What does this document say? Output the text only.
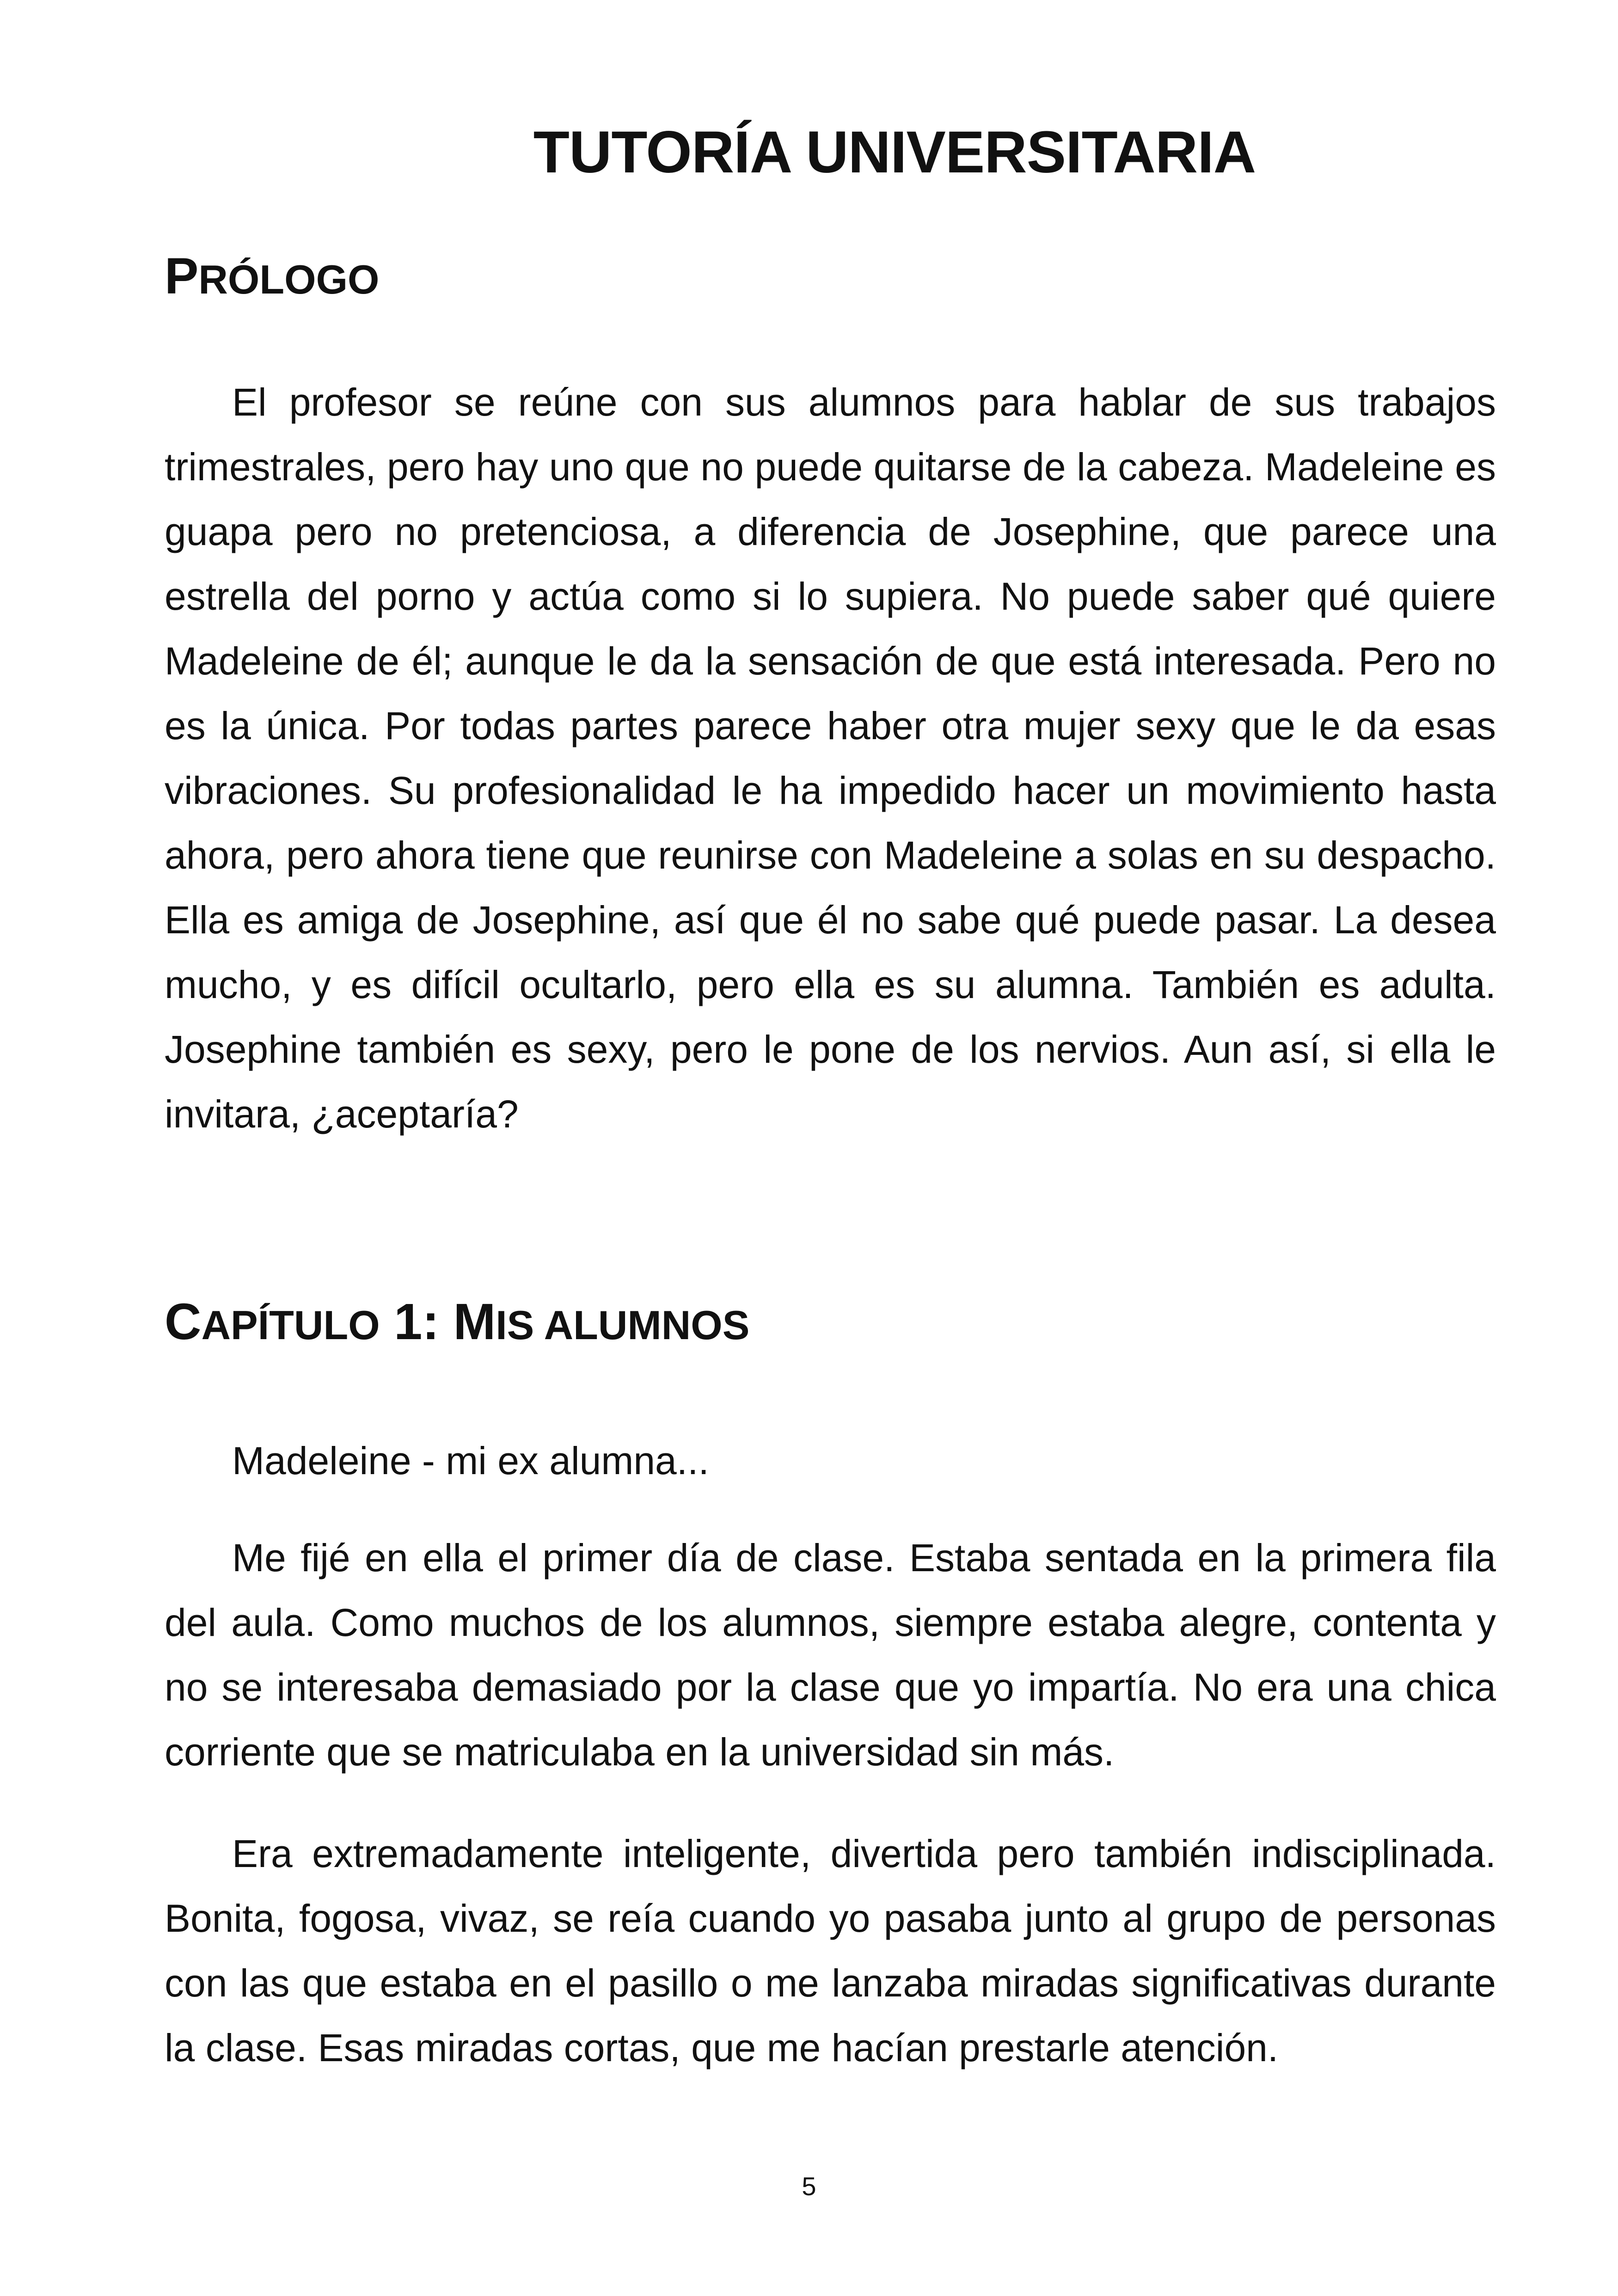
TUTORÍA UNIVERSITARIA
PRÓLOGO
El profesor se reúne con sus alumnos para hablar de sus trabajos trimestrales, pero hay uno que no puede quitarse de la cabeza. Madeleine es guapa pero no pretenciosa, a diferencia de Josephine, que parece una estrella del porno y actúa como si lo supiera. No puede saber qué quiere Madeleine de él; aunque le da la sensación de que está interesada. Pero no es la única. Por todas partes parece haber otra mujer sexy que le da esas vibraciones. Su profesionalidad le ha impedido hacer un movimiento hasta ahora, pero ahora tiene que reunirse con Madeleine a solas en su despacho. Ella es amiga de Josephine, así que él no sabe qué puede pasar. La desea mucho, y es difícil ocultarlo, pero ella es su alumna. También es adulta. Josephine también es sexy, pero le pone de los nervios. Aun así, si ella le invitara, ¿aceptaría?
CAPÍTULO 1: MIS ALUMNOS
Madeleine - mi ex alumna...
Me fijé en ella el primer día de clase. Estaba sentada en la primera fila del aula. Como muchos de los alumnos, siempre estaba alegre, contenta y no se interesaba demasiado por la clase que yo impartía. No era una chica corriente que se matriculaba en la universidad sin más.
Era extremadamente inteligente, divertida pero también indisciplinada. Bonita, fogosa, vivaz, se reía cuando yo pasaba junto al grupo de personas con las que estaba en el pasillo o me lanzaba miradas significativas durante la clase. Esas miradas cortas, que me hacían prestarle atención.
5
